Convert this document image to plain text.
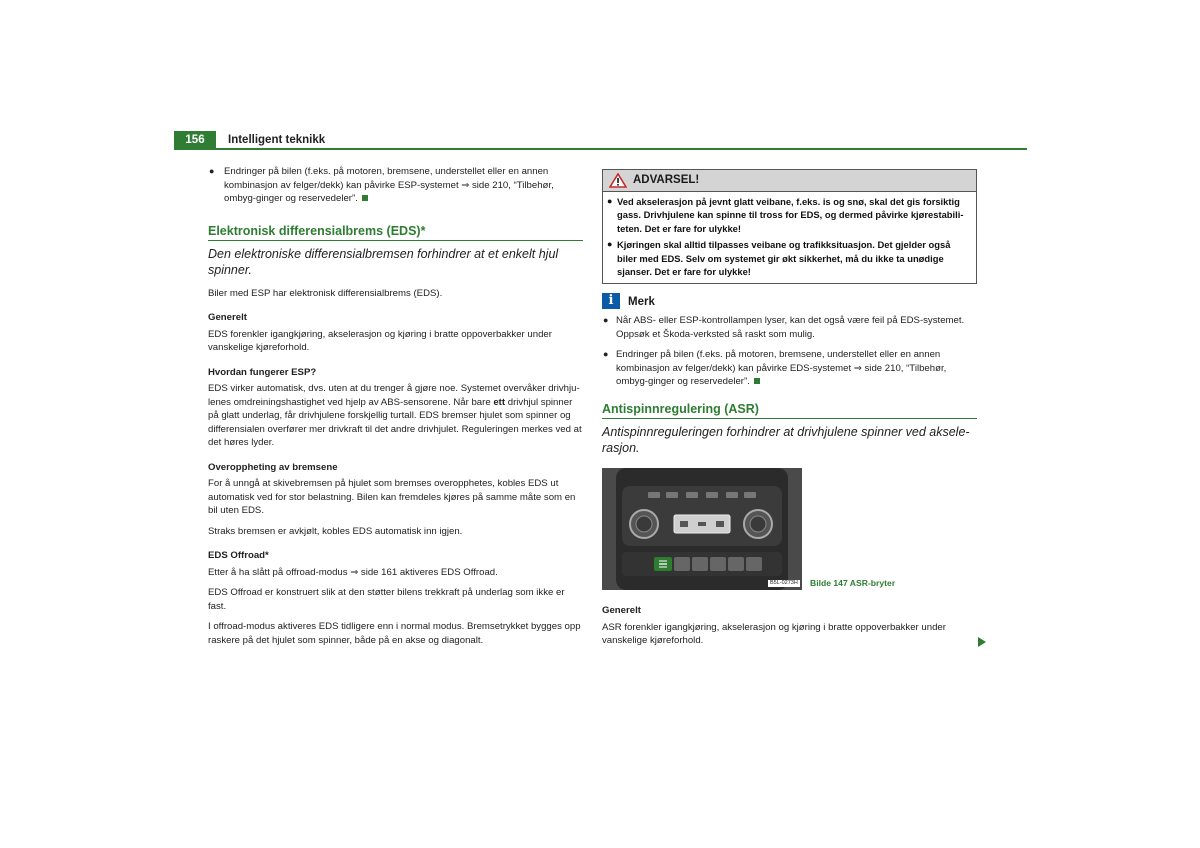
156	Intelligent teknikk
● Endringer på bilen (f.eks. på motoren, bremsene, understellet eller en annen kombinasjon av felger/dekk) kan påvirke ESP-systemet ⇒ side 210, “Tilbehør, ombyg-ginger og reservedeler”.
Elektronisk differensialbrems (EDS)*
Den elektroniske differensialbremsen forhindrer at et enkelt hjul spinner.
Biler med ESP har elektronisk differensialbrems (EDS).
Generelt
EDS forenkler igangkjøring, akselerasjon og kjøring i bratte oppoverbakker under vanskelige kjøreforhold.
Hvordan fungerer ESP?
EDS virker automatisk, dvs. uten at du trenger å gjøre noe. Systemet overvåker drivhju-lenes omdreiningshastighet ved hjelp av ABS-sensorene. Når bare ett drivhjul spinner på glatt underlag, får drivhjulene forskjellig turtall. EDS bremser hjulet som spinner og differensialen overfører mer drivkraft til det andre drivhjulet. Reguleringen merkes ved at det høres lyder.
Overoppheting av bremsene
For å unngå at skivebremsen på hjulet som bremses overopphetes, kobles EDS ut automatisk ved for stor belastning. Bilen kan fremdeles kjøres på samme måte som en bil uten EDS.
Straks bremsen er avkjølt, kobles EDS automatisk inn igjen.
EDS Offroad*
Etter å ha slått på offroad-modus ⇒ side 161 aktiveres EDS Offroad.
EDS Offroad er konstruert slik at den støtter bilens trekkraft på underlag som ikke er fast.
I offroad-modus aktiveres EDS tidligere enn i normal modus. Bremsetrykket bygges opp raskere på det hjulet som spinner, både på en akse og diagonalt.
ADVARSEL!
● Ved akselerasjon på jevnt glatt veibane, f.eks. is og snø, skal det gis forsiktig gass. Drivhjulene kan spinne til tross for EDS, og dermed påvirke kjørestabili-teten. Det er fare for ulykke!
● Kjøringen skal alltid tilpasses veibane og trafikksituasjon. Det gjelder også biler med EDS. Selv om systemet gir økt sikkerhet, må du ikke ta unødige sjanser. Det er fare for ulykke!
i	Merk
● Når ABS- eller ESP-kontrollampen lyser, kan det også være feil på EDS-systemet. Oppsøk et Škoda-verksted så raskt som mulig.
● Endringer på bilen (f.eks. på motoren, bremsene, understellet eller en annen kombinasjon av felger/dekk) kan påvirke EDS-systemet ⇒ side 210, “Tilbehør, ombyg-ginger og reservedeler”.
Antispinnregulering (ASR)
Antispinnreguleringen forhindrer at drivhjulene spinner ved aksele-rasjon.
B5L-0273H Bilde 147 ASR-bryter
Generelt
ASR forenkler igangkjøring, akselerasjon og kjøring i bratte oppoverbakker under vanskelige kjøreforhold.
